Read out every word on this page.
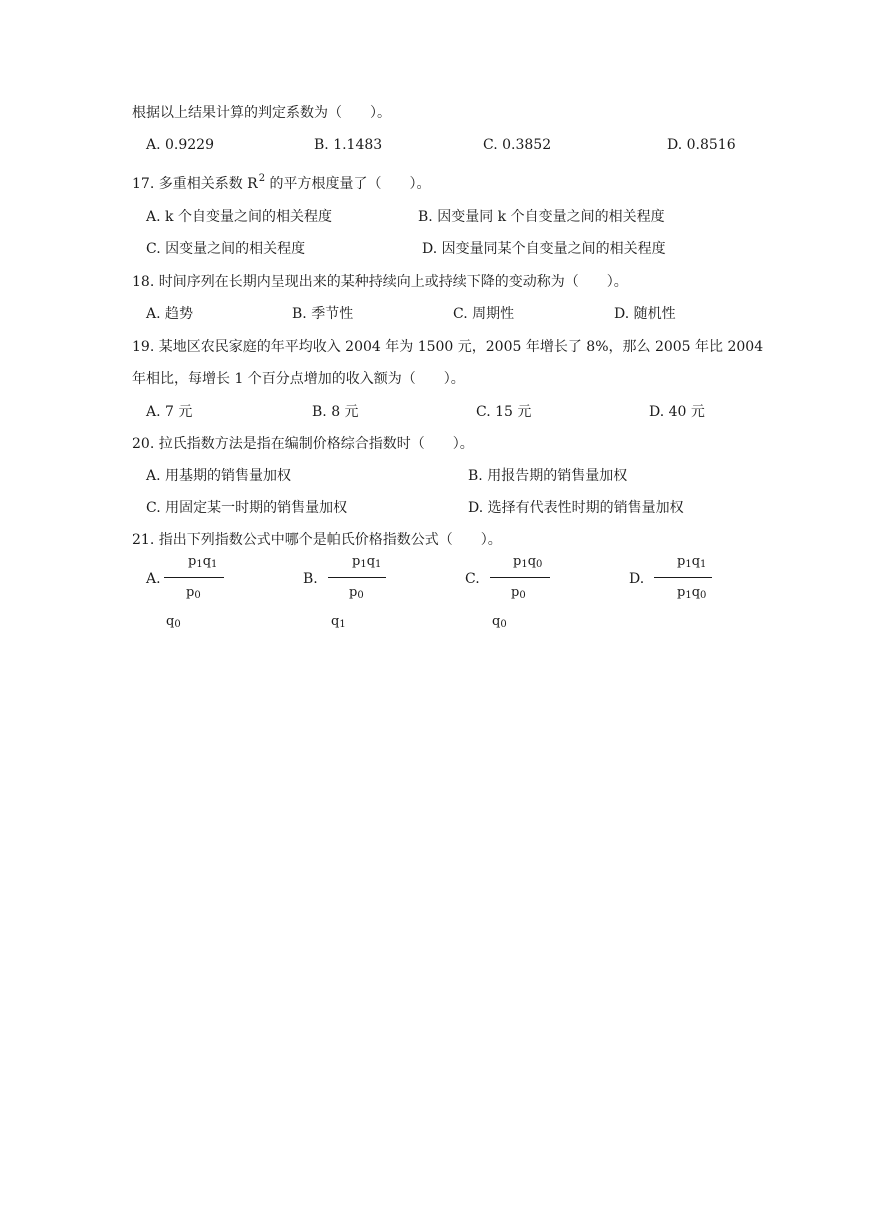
根据以上结果计算的判定系数为（　　）。
A. 0.9229	B. 1.1483	C. 0.3852	D. 0.8516
17. 多重相关系数 $R^2$ 的平方根度量了（　　）。
A. k 个自变量之间的相关程度	B. 因变量同 k 个自变量之间的相关程度
C. 因变量之间的相关程度	D. 因变量同某个自变量之间的相关程度
18. 时间序列在长期内呈现出来的某种持续向上或持续下降的变动称为（　　）。
A. 趋势	B. 季节性	C. 周期性	D. 随机性
19. 某地区农民家庭的年平均收入 2004 年为 1500 元，2005 年增长了 8%，那么 2005 年比 2004
年相比，每增长 1 个百分点增加的收入额为（　　）。
A. 7 元	B. 8 元	C. 15 元	D. 40 元
20. 拉氏指数方法是指在编制价格综合指数时（　　）。
A. 用基期的销售量加权	B. 用报告期的销售量加权
C. 用固定某一时期的销售量加权	D. 选择有代表性时期的销售量加权
21. 指出下列指数公式中哪个是帕氏价格指数公式（　　）。
A.
p1q1
p0
q0
B.
p1q1
p0
q1
C.
p1q0
p0
q0
D.
p1q1
p1q0
